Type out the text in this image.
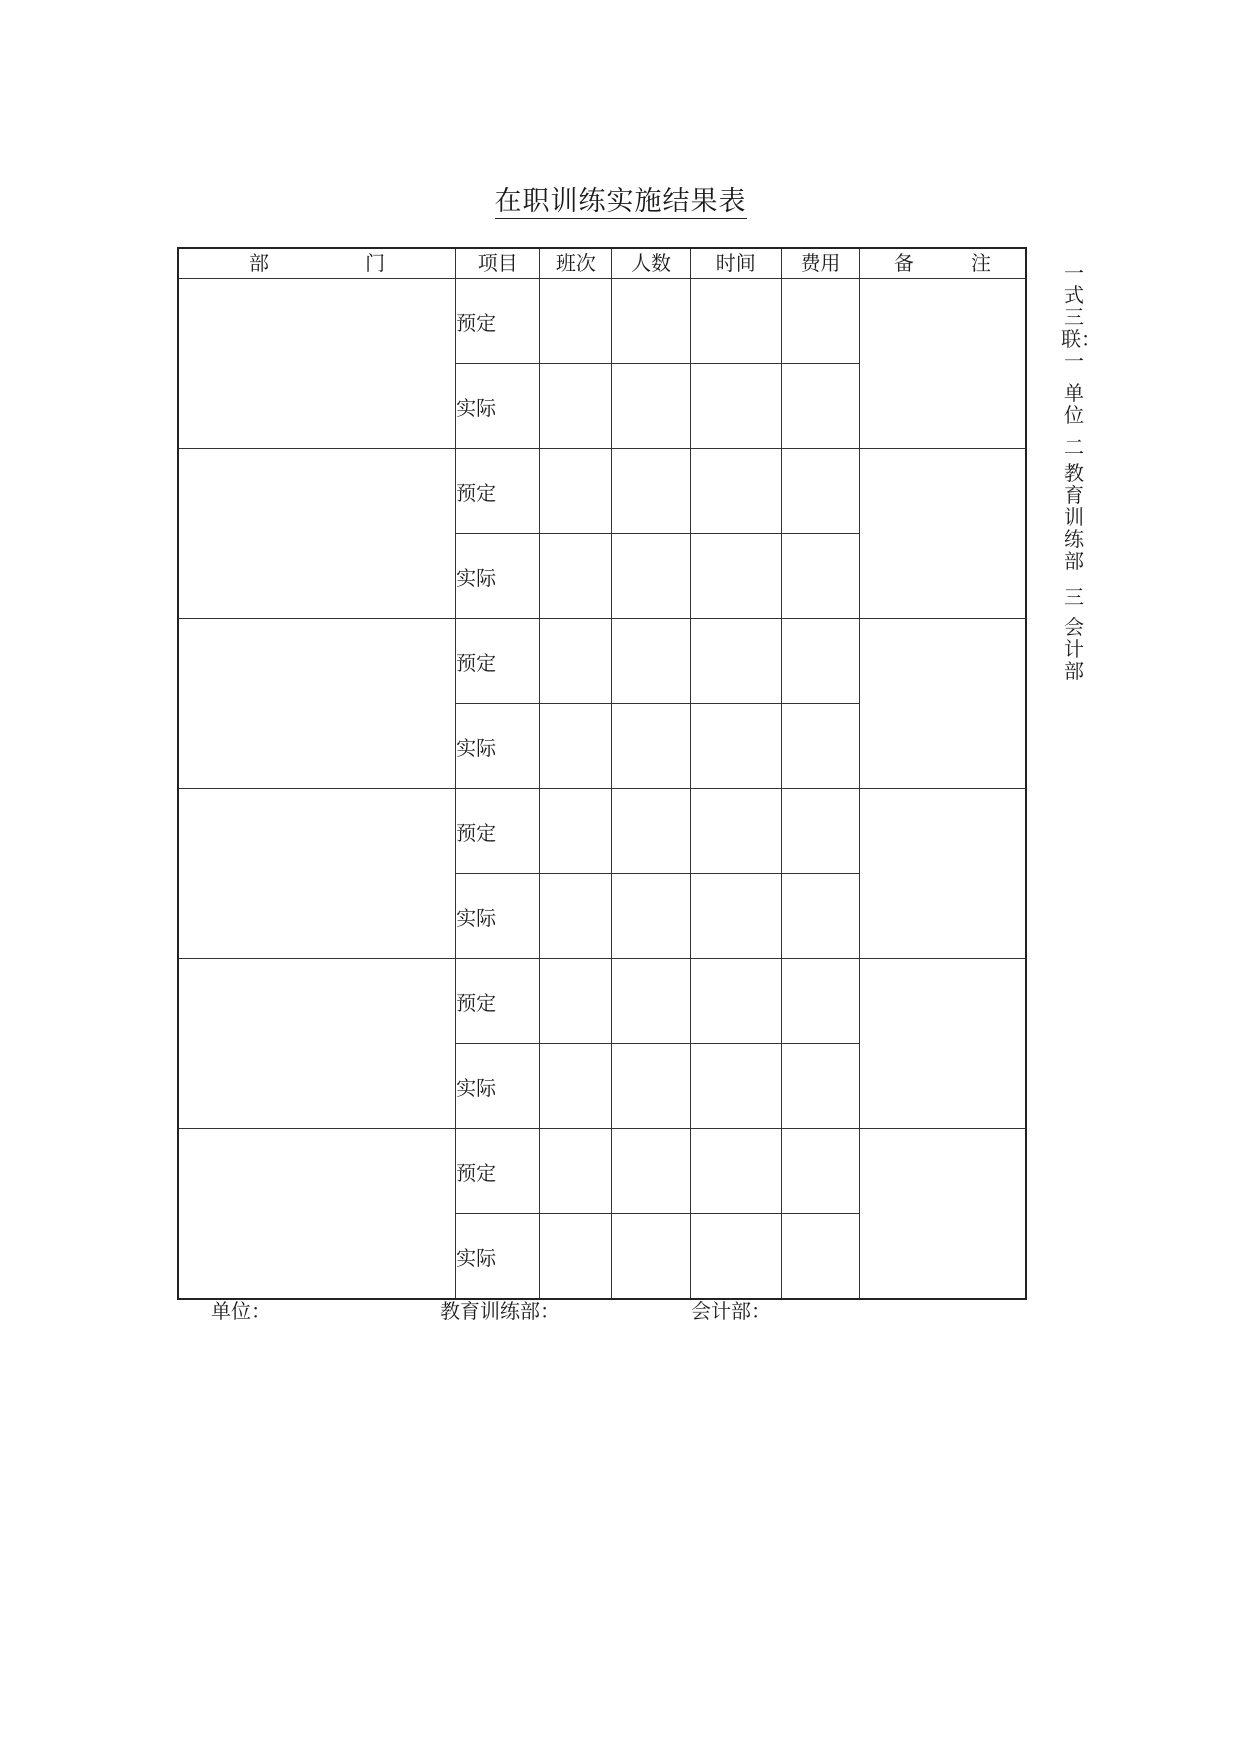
在职训练实施结果表
部 门	项目	班次	人数	时间	费用	备 注

	预定					
	实际					
	预定					
	实际					
	预定					
	实际					
	预定					
	实际					
	预定					
	实际					
	预定					
	实际					
单位：	教育训练部：	会计部：
一式三联：一
单位
二
教育训练部
三
会计部
